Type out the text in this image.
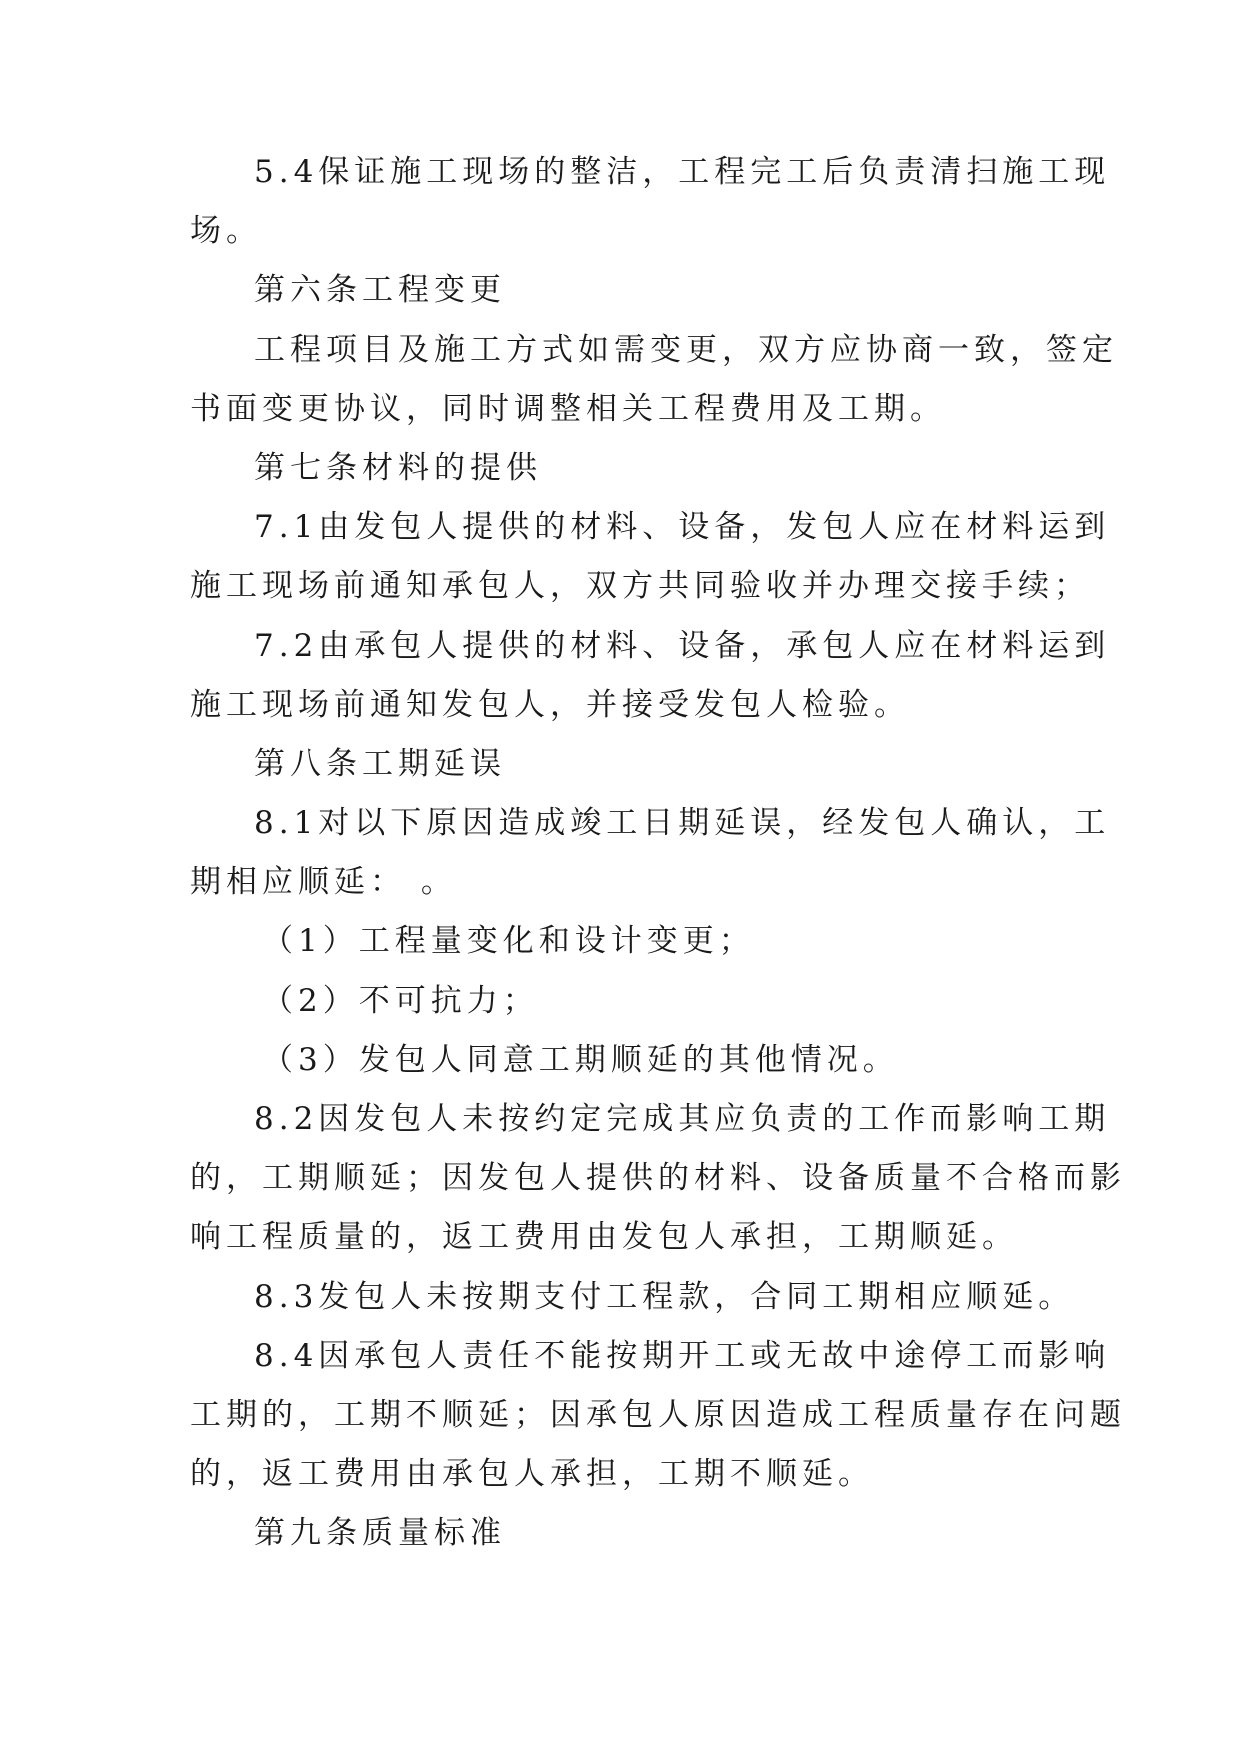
5.4保证施工现场的整洁，工程完工后负责清扫施工现
场。
第六条工程变更
工程项目及施工方式如需变更，双方应协商一致，签定
书面变更协议，同时调整相关工程费用及工期。
第七条材料的提供
7.1由发包人提供的材料、设备，发包人应在材料运到
施工现场前通知承包人，双方共同验收并办理交接手续；
7.2由承包人提供的材料、设备，承包人应在材料运到
施工现场前通知发包人，并接受发包人检验。
第八条工期延误
8.1对以下原因造成竣工日期延误，经发包人确认，工
期相应顺延： 。
（1）工程量变化和设计变更；
（2）不可抗力；
（3）发包人同意工期顺延的其他情况。
8.2因发包人未按约定完成其应负责的工作而影响工期
的，工期顺延；因发包人提供的材料、设备质量不合格而影
响工程质量的，返工费用由发包人承担，工期顺延。
8.3发包人未按期支付工程款，合同工期相应顺延。
8.4因承包人责任不能按期开工或无故中途停工而影响
工期的，工期不顺延；因承包人原因造成工程质量存在问题
的，返工费用由承包人承担，工期不顺延。
第九条质量标准
